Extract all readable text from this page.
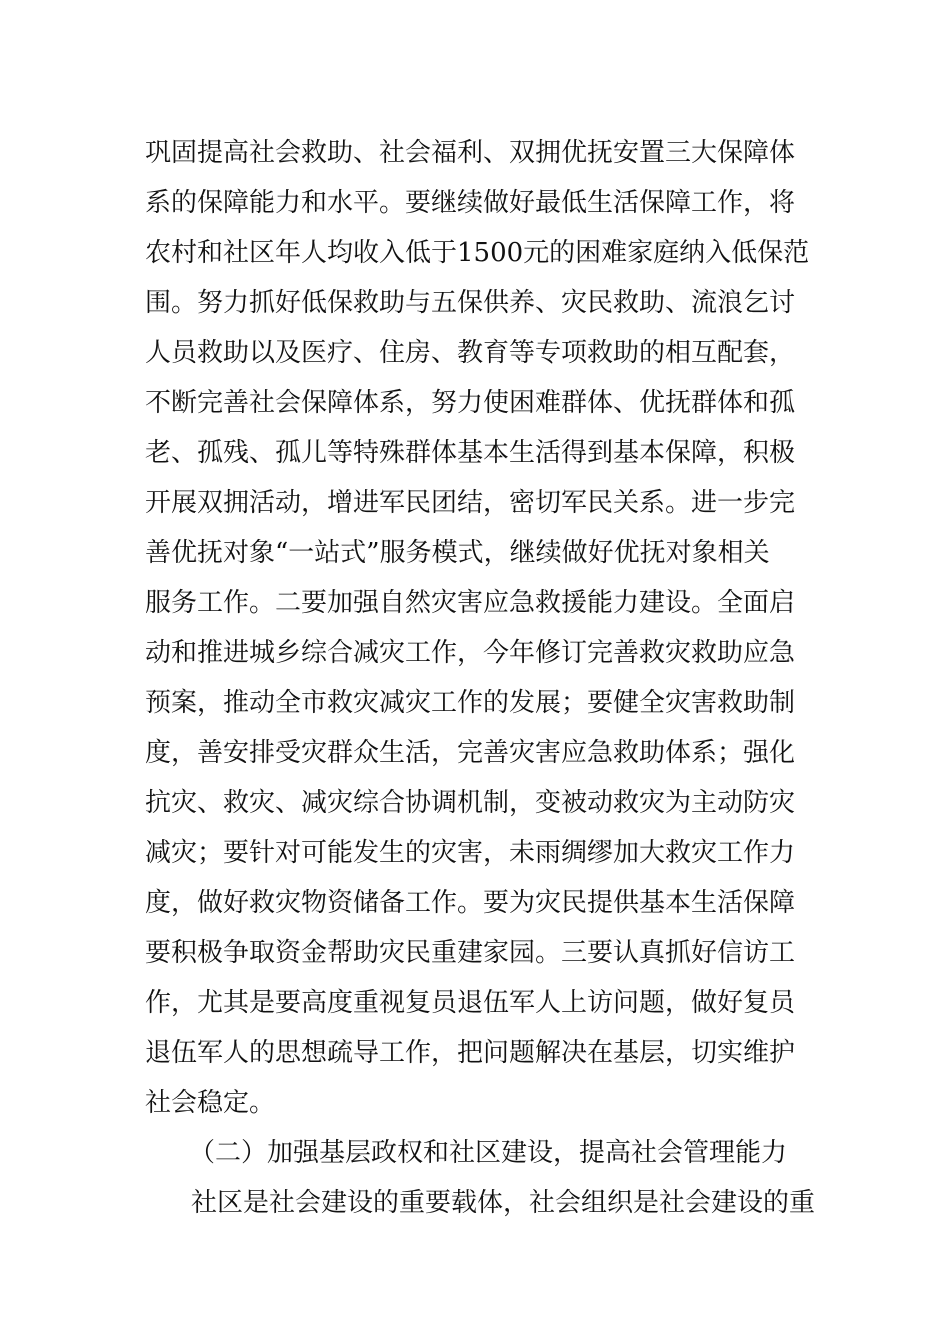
巩固提高社会救助、社会福利、双拥优抚安置三大保障体
系的保障能力和水平。要继续做好最低生活保障工作，将
农村和社区年人均收入低于1500元的困难家庭纳入低保范
围。努力抓好低保救助与五保供养、灾民救助、流浪乞讨
人员救助以及医疗、住房、教育等专项救助的相互配套，
不断完善社会保障体系，努力使困难群体、优抚群体和孤
老、孤残、孤儿等特殊群体基本生活得到基本保障，积极
开展双拥活动，增进军民团结，密切军民关系。进一步完
善优抚对象“一站式”服务模式，继续做好优抚对象相关
服务工作。二要加强自然灾害应急救援能力建设。全面启
动和推进城乡综合减灾工作，今年修订完善救灾救助应急
预案，推动全市救灾减灾工作的发展；要健全灾害救助制
度，善安排受灾群众生活，完善灾害应急救助体系；强化
抗灾、救灾、减灾综合协调机制，变被动救灾为主动防灾
减灾；要针对可能发生的灾害，未雨绸缪加大救灾工作力
度，做好救灾物资储备工作。要为灾民提供基本生活保障
要积极争取资金帮助灾民重建家园。三要认真抓好信访工
作，尤其是要高度重视复员退伍军人上访问题，做好复员
退伍军人的思想疏导工作，把问题解决在基层，切实维护
社会稳定。
（二）加强基层政权和社区建设，提高社会管理能力
社区是社会建设的重要载体，社会组织是社会建设的重
